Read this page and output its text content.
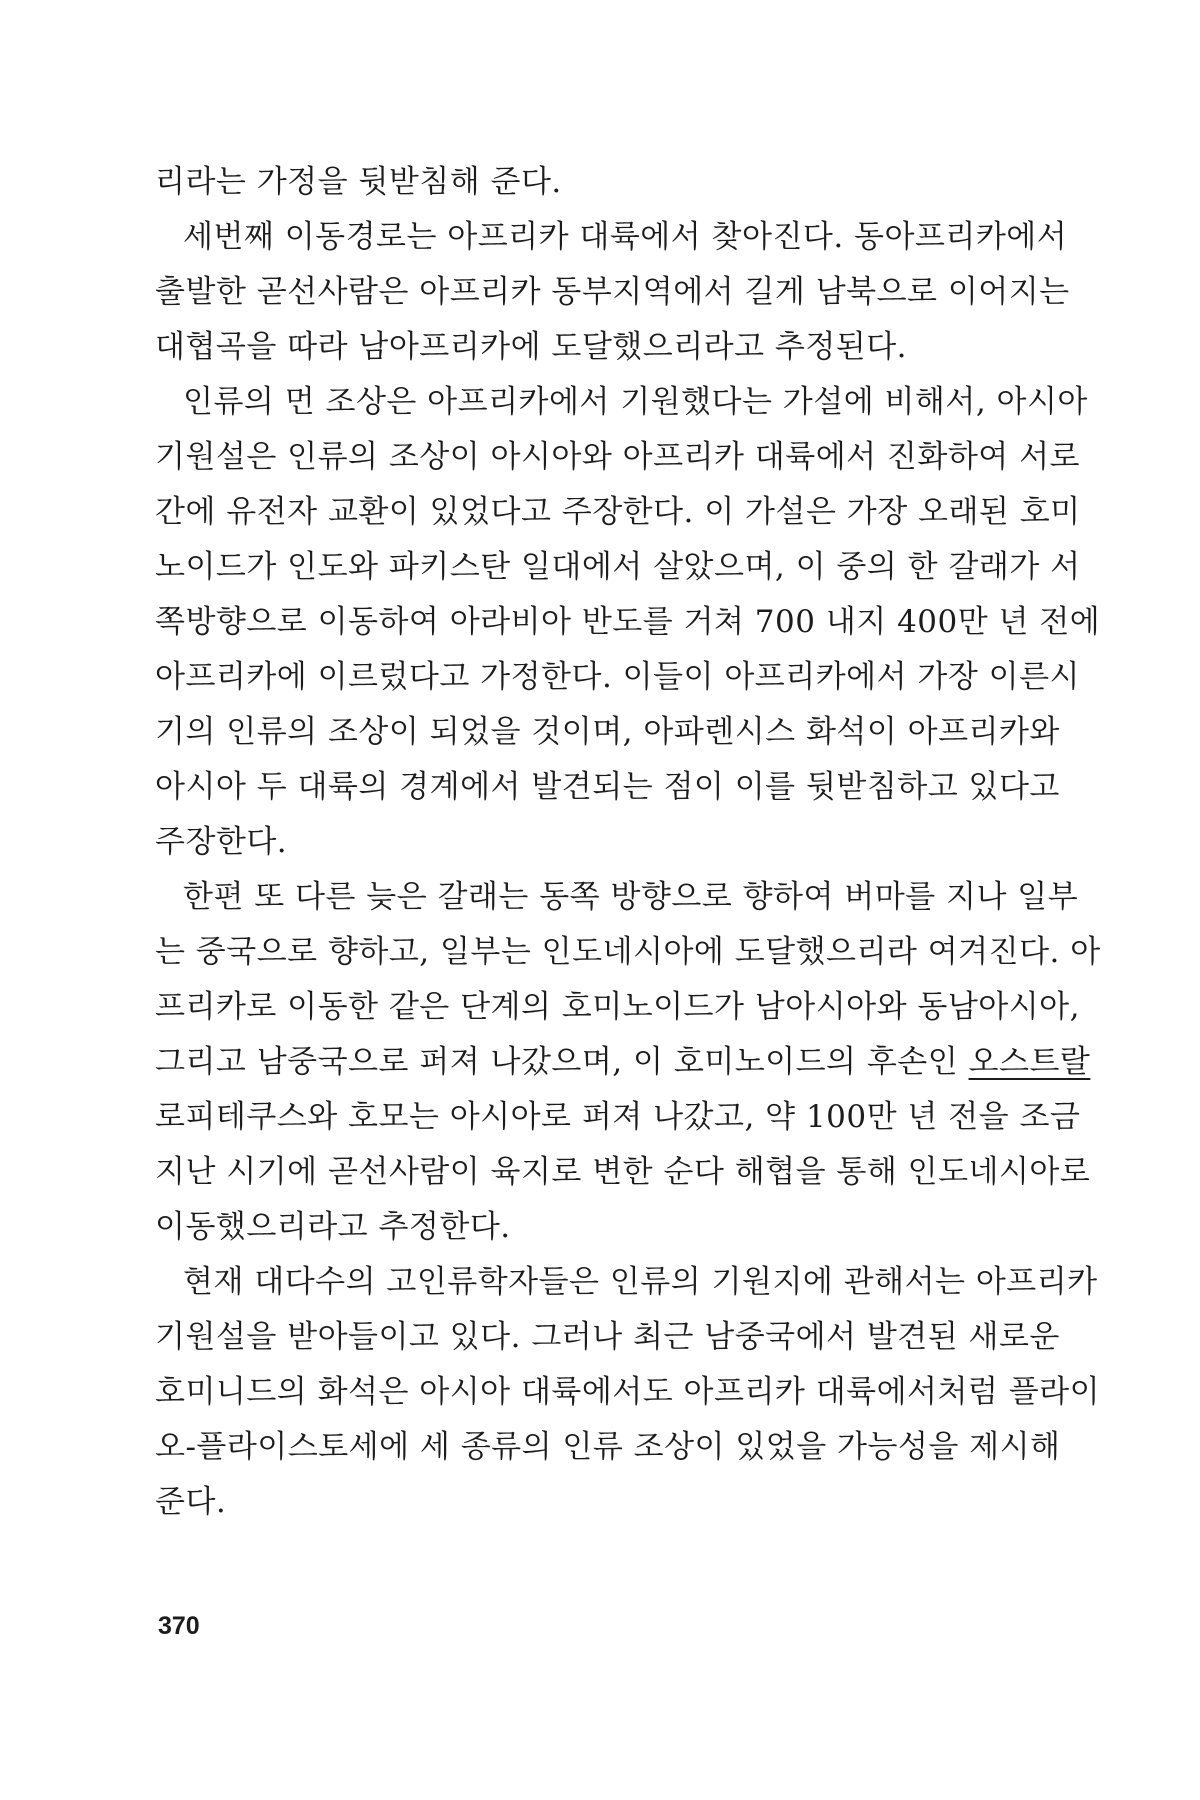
리라는 가정을 뒷받침해 준다.
세번째 이동경로는 아프리카 대륙에서 찾아진다. 동아프리카에서
출발한 곧선사람은 아프리카 동부지역에서 길게 남북으로 이어지는
대협곡을 따라 남아프리카에 도달했으리라고 추정된다.
인류의 먼 조상은 아프리카에서 기원했다는 가설에 비해서, 아시아
기원설은 인류의 조상이 아시아와 아프리카 대륙에서 진화하여 서로
간에 유전자 교환이 있었다고 주장한다. 이 가설은 가장 오래된 호미
노이드가 인도와 파키스탄 일대에서 살았으며, 이 중의 한 갈래가 서
쪽방향으로 이동하여 아라비아 반도를 거쳐 700 내지 400만 년 전에
아프리카에 이르렀다고 가정한다. 이들이 아프리카에서 가장 이른시
기의 인류의 조상이 되었을 것이며, 아파렌시스 화석이 아프리카와
아시아 두 대륙의 경계에서 발견되는 점이 이를 뒷받침하고 있다고
주장한다.
한편 또 다른 늦은 갈래는 동쪽 방향으로 향하여 버마를 지나 일부
는 중국으로 향하고, 일부는 인도네시아에 도달했으리라 여겨진다. 아
프리카로 이동한 같은 단계의 호미노이드가 남아시아와 동남아시아,
그리고 남중국으로 퍼져 나갔으며, 이 호미노이드의 후손인 오스트랄
로피테쿠스와 호모는 아시아로 퍼져 나갔고, 약 100만 년 전을 조금
지난 시기에 곧선사람이 육지로 변한 순다 해협을 통해 인도네시아로
이동했으리라고 추정한다.
현재 대다수의 고인류학자들은 인류의 기원지에 관해서는 아프리카
기원설을 받아들이고 있다. 그러나 최근 남중국에서 발견된 새로운
호미니드의 화석은 아시아 대륙에서도 아프리카 대륙에서처럼 플라이
오-플라이스토세에 세 종류의 인류 조상이 있었을 가능성을 제시해
준다.
370
